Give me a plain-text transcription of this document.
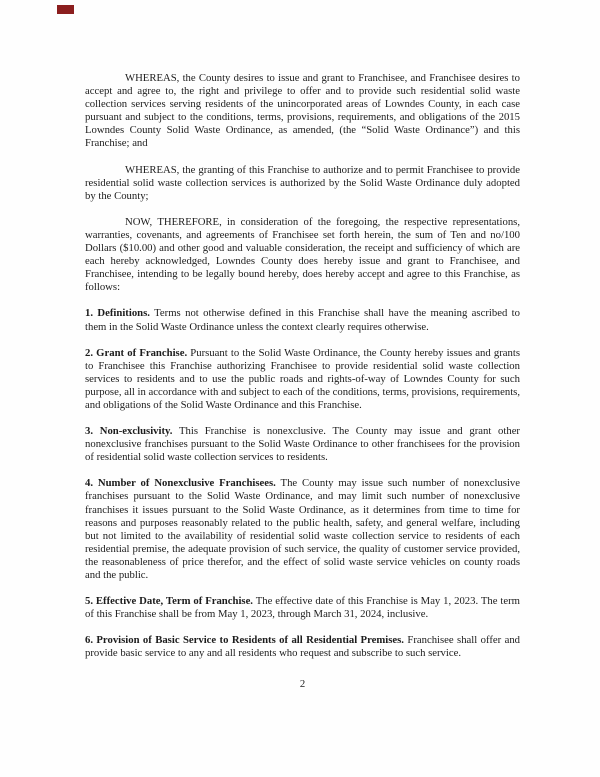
WHEREAS, the County desires to issue and grant to Franchisee, and Franchisee desires to accept and agree to, the right and privilege to offer and to provide such residential solid waste collection services serving residents of the unincorporated areas of Lowndes County, in each case pursuant and subject to the conditions, terms, provisions, requirements, and obligations of the 2015 Lowndes County Solid Waste Ordinance, as amended, (the “Solid Waste Ordinance”) and this Franchise; and

WHEREAS, the granting of this Franchise to authorize and to permit Franchisee to provide residential solid waste collection services is authorized by the Solid Waste Ordinance duly adopted by the County;

NOW, THEREFORE, in consideration of the foregoing, the respective representations, warranties, covenants, and agreements of Franchisee set forth herein, the sum of Ten and no/100 Dollars ($10.00) and other good and valuable consideration, the receipt and sufficiency of which are each hereby acknowledged, Lowndes County does hereby issue and grant to Franchisee, and Franchisee, intending to be legally bound hereby, does hereby accept and agree to this Franchise, as follows:

1. Definitions. Terms not otherwise defined in this Franchise shall have the meaning ascribed to them in the Solid Waste Ordinance unless the context clearly requires otherwise.

2. Grant of Franchise. Pursuant to the Solid Waste Ordinance, the County hereby issues and grants to Franchisee this Franchise authorizing Franchisee to provide residential solid waste collection services to residents and to use the public roads and rights-of-way of Lowndes County for such purpose, all in accordance with and subject to each of the conditions, terms, provisions, requirements, and obligations of the Solid Waste Ordinance and this Franchise.

3. Non-exclusivity. This Franchise is nonexclusive. The County may issue and grant other nonexclusive franchises pursuant to the Solid Waste Ordinance to other franchisees for the provision of residential solid waste collection services to residents.

4. Number of Nonexclusive Franchisees. The County may issue such number of nonexclusive franchises pursuant to the Solid Waste Ordinance, and may limit such number of nonexclusive franchises it issues pursuant to the Solid Waste Ordinance, as it determines from time to time for reasons and purposes reasonably related to the public health, safety, and general welfare, including but not limited to the availability of residential solid waste collection service to residents of each residential premise, the adequate provision of such service, the quality of customer service provided, the reasonableness of price therefor, and the effect of solid waste service vehicles on county roads and the public.

5. Effective Date, Term of Franchise. The effective date of this Franchise is May 1, 2023. The term of this Franchise shall be from May 1, 2023, through March 31, 2024, inclusive.

6. Provision of Basic Service to Residents of all Residential Premises. Franchisee shall offer and provide basic service to any and all residents who request and subscribe to such service.

2
